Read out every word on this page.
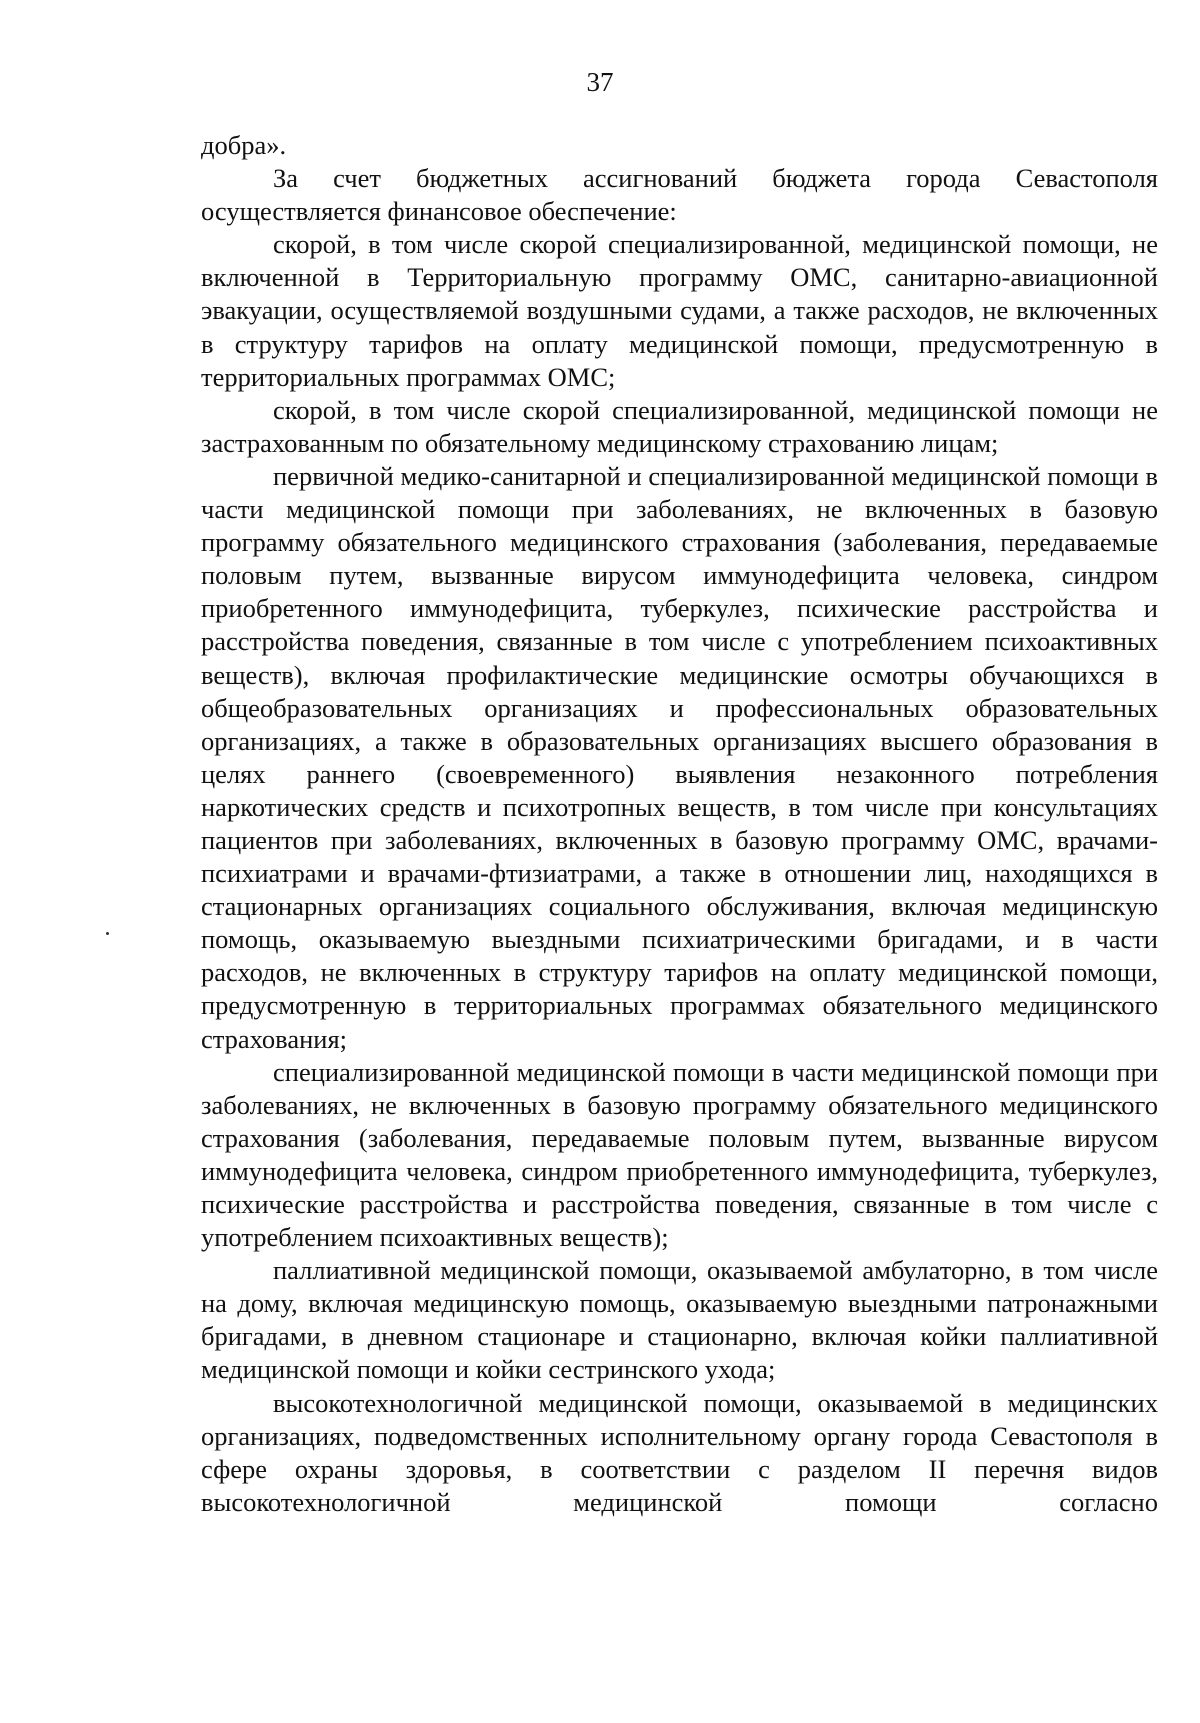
37

добра».

За счет бюджетных ассигнований бюджета города Севастополя осуществляется финансовое обеспечение:

скорой, в том числе скорой специализированной, медицинской помощи, не включенной в Территориальную программу ОМС, санитарно-авиационной эвакуации, осуществляемой воздушными судами, а также расходов, не включенных в структуру тарифов на оплату медицинской помощи, предусмотренную в территориальных программах ОМС;

скорой, в том числе скорой специализированной, медицинской помощи не застрахованным по обязательному медицинскому страхованию лицам;

первичной медико-санитарной и специализированной медицинской помощи в части медицинской помощи при заболеваниях, не включенных в базовую программу обязательного медицинского страхования (заболевания, передаваемые половым путем, вызванные вирусом иммунодефицита человека, синдром приобретенного иммунодефицита, туберкулез, психические расстройства и расстройства поведения, связанные в том числе с употреблением психоактивных веществ), включая профилактические медицинские осмотры обучающихся в общеобразовательных организациях и профессиональных образовательных организациях, а также в образовательных организациях высшего образования в целях раннего (своевременного) выявления незаконного потребления наркотических средств и психотропных веществ, в том числе при консультациях пациентов при заболеваниях, включенных в базовую программу ОМС, врачами-психиатрами и врачами-фтизиатрами, а также в отношении лиц, находящихся в стационарных организациях социального обслуживания, включая медицинскую помощь, оказываемую выездными психиатрическими бригадами, и в части расходов, не включенных в структуру тарифов на оплату медицинской помощи, предусмотренную в территориальных программах обязательного медицинского страхования;

специализированной медицинской помощи в части медицинской помощи при заболеваниях, не включенных в базовую программу обязательного медицинского страхования (заболевания, передаваемые половым путем, вызванные вирусом иммунодефицита человека, синдром приобретенного иммунодефицита, туберкулез, психические расстройства и расстройства поведения, связанные в том числе с употреблением психоактивных веществ);

паллиативной медицинской помощи, оказываемой амбулаторно, в том числе на дому, включая медицинскую помощь, оказываемую выездными патронажными бригадами, в дневном стационаре и стационарно, включая койки паллиативной медицинской помощи и койки сестринского ухода;

высокотехнологичной медицинской помощи, оказываемой в медицинских организациях, подведомственных исполнительному органу города Севастополя в сфере охраны здоровья, в соответствии с разделом II перечня видов высокотехнологичной медицинской помощи согласно
